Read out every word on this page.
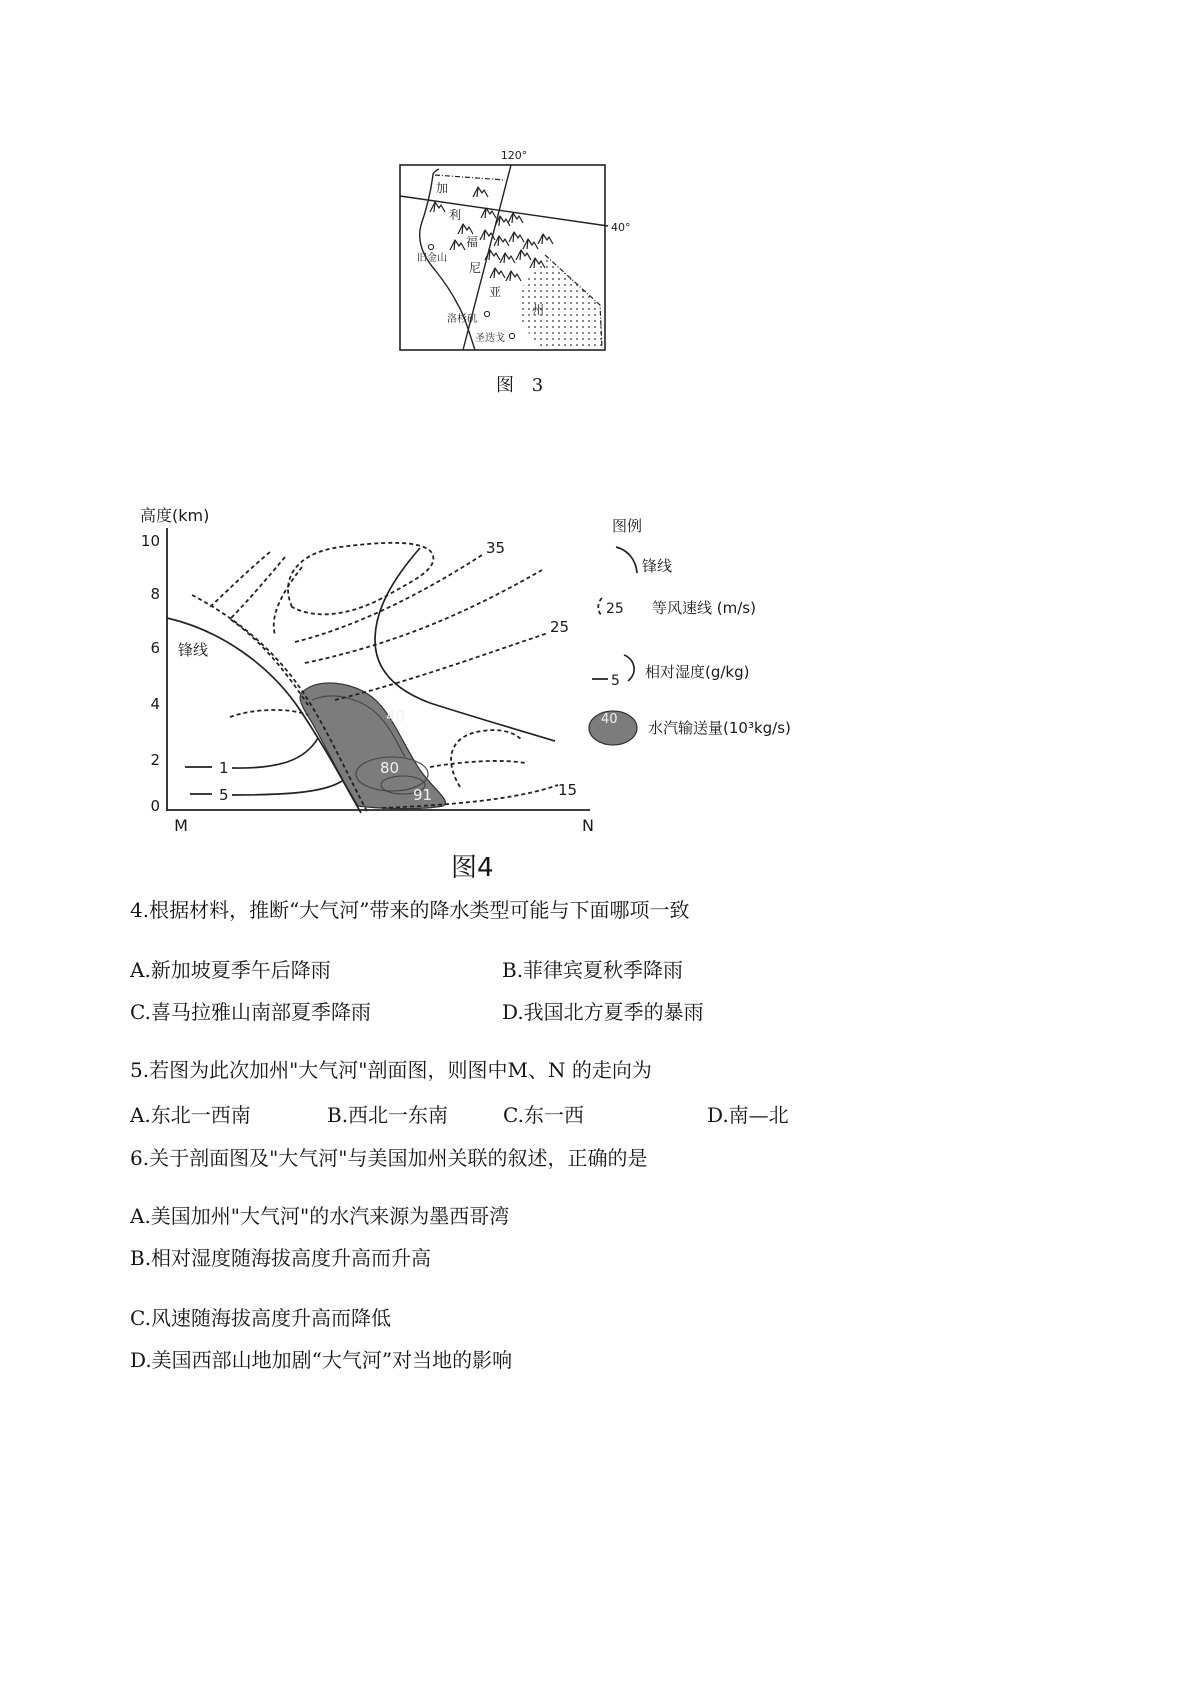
120°
40°
加
利
福
尼
亚
州
旧金山
洛杉矶
圣迭戈
图 3
高度(km)
0
2
4
6
8
10
M	N
锋线
35
25
15
1
5
40
80
91
图例
锋线
25 等风速线 (m/s)
5 相对湿度(g/kg)
40 水汽输送量(10³kg/s)
图4
4.根据材料，推断“大气河”带来的降水类型可能与下面哪项一致
A.新加坡夏季午后降雨	B.菲律宾夏秋季降雨
C.喜马拉雅山南部夏季降雨	D.我国北方夏季的暴雨
5.若图为此次加州"大气河"剖面图，则图中M、N 的走向为
A.东北一西南	B.西北一东南	C.东一西	D.南—北
6.关于剖面图及"大气河"与美国加州关联的叙述，正确的是
A.美国加州"大气河"的水汽来源为墨西哥湾
B.相对湿度随海拔高度升高而升高
C.风速随海拔高度升高而降低
D.美国西部山地加剧“大气河”对当地的影响
